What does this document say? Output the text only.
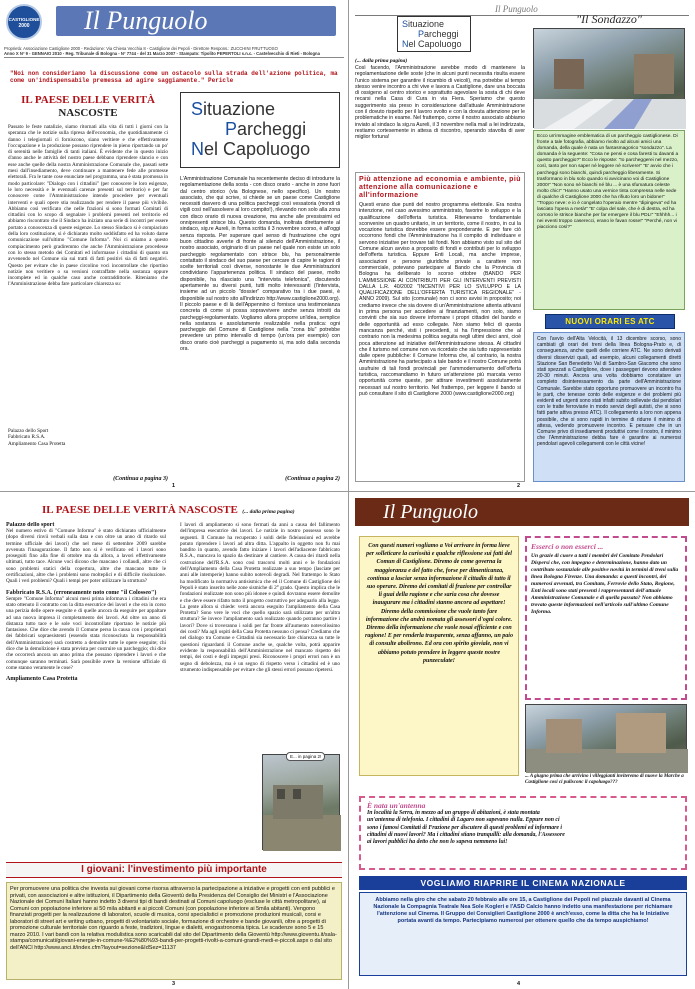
CASTIGLIONE
2000	Il Punguolo
Proprietà: Associazione Castiglione 2000 - Redazione: Via Chiesa Vecchia 8 - Castiglione dei Pepoli - Direttore Respons.: ZUCCHINI FRUTTUOSO
Anno X N° 9 - GENNAIO 2010 - Reg. Tribunale di Bologna - N° 7744 - del 31 Marzo 2007 - Stampato: Tipolito PEPERTOLI s.n.c. - Castelvecchio di Rieti - Bologna
"Noi non consideriamo la discussione come un ostacolo sulla strada dell'azione politica, ma come un'indispensabile premessa ad agire saggiamente." Pericle
IL PAESE DELLE VERITÀ
NASCOSTE
Passato le feste natalizie, siamo ritornati alla vita di tutti i giorni con la speranza che le notizie sulla ripresa dell'economia, che quotidianamente ci danno i telegiornali ci forniscono, siano veritiere e che effettivamente l'occupazione e la produzione possano riprendere in pieno riportando un po' di serenità nelle famiglie di tanti italiani. È evidente che in questo inizio d'anno anche le attività del nostro paese debbano riprendere slancio e con esse anche quelle della nostra Amministrazione Comunale che, passati sette mesi dall'insediamento, deve continuare a mantenere fede alle promesse elettorali. Fra le tante cose enunciate nel programma, una è stata promossa in modo particolare: "Dialogo con i cittadini" (per conoscere le loro esigenze, le loro necessità e le eventuali carenze presenti sul territorio) e per far conoscere come l'Amministrazione intende procedere per eventuali interventi e quali opere stia realizzando per rendere il paese più vivibile. Abbiamo così verificato che nelle frazioni si sono formati Comitati di cittadini con lo scopo di segnalare i problemi presenti nel territorio ed abbiamo riscontrato che il Sindaco ha iniziato una serie di incontri per essere portato a conoscenza di queste esigenze. Lo stesso Sindaco si è compiaciuto della loro costituzione, si è dichiarato molto soddisfatto ed ha voluto darne comunicazione sull'ultimo "Comune Informa". Noi ci uniamo a questo compiacimento però gradiremmo che anche l'Amministrazione procedesse con lo stesso metodo dei Comitati ed informasse i cittadini di quanto sta avvenendo nel Comune sia sui tratti di fatti positivi sia di fatti negativi. Questo per evitare che in paese circolino voci incontrollate che riportino notizie non veritiere o su versioni contraffatte nella sostanza oppure incomplete ed in qualche caso anche contraddittorie. Riteniamo che l'Amministrazione debba fare particolare chiarezza su:
Palazzo dello Sport
Fabbricato R.S.A.
Ampliamento Casa Protetta
(Continua a pagina 3)
Situazione
Parcheggi
Nel Capoluogo
L'Amministrazione Comunale ha recentemente deciso di introdurre la regolamentazione della sosta - con disco orario - anche in zone fuori dal centro storico (via Bolognese, nello specifico). Un nostro associato, che qui scrive, si chiede se un paese come Castiglione necessiti davvero di una politica parcheggi così vessatoria (mondi di vigili così nell'assolvere al loro compito!), rilevando non solo alla zona con disco orario di nuova creazione, ma anche alle pressissimi ed onnipresenti strisce blu. Questo domanda, inoltrata direttamente al sindaco, sig.re Aureli, in forma scritta il 3 novembre scorso, è all'oggi senza risposta. Per superare quel senso di frustrazione che ogni buon cittadino avverte di fronte al silenzio dell'Amministrazione, il nostro associato, originario di un paese nel quale non esiste un solo parcheggio regolamentato con strisce blu, ha personalmente contattato il sindaco del suo paese per cercare di capire le ragioni di scelte territoriali così diverse, nonostante le due Amministrazioni condividano l'appartenenza politica. Il sindaco del paese, molto disponibile, ha rilasciato una "intervista telefonica", discutendo apertamente su diversi punti, tutti molto interessanti (l'intervista, insieme ad un piccolo "dossier" comparativo tra i due paesi, è disponibile sul nostro sito all'indirizzo http://www.castiglione2000.org). Il piccolo paese e di là dell'Appennino ci fornisce una testimonianza concreta di come si possa sopravvivere anche senza introiti da parcheggi-regolamentato. Vogliamo allora proporre un'idea, semplice nella sostanza e assolutamente realizzabile nella pratica: ogni parcheggio del Comune di Castiglione nella "zona blu" potrebbe prevedere un primo intervallo di tempo (un'ora per esempio) con disco orario cioè parcheggi a pagamento si, ma solo dalla seconda ora.
(Continua a pagina 2)
1
Il Punguolo
Situazione
Parcheggi
Nel Capoluogo
(... dalla prima pagina)
Così facendo, l'Amministrazione avrebbe modo di mantenere la regolamentazione delle soste (che in alcuni punti necessita risulta essere l'unico sistema per garantire il ricambio di veicoli), ma potrebbe al tempo stesso venire incontro a chi vive e lavora a Castiglione, dare una boccata di ossigeno al centro storico e soprattutto agevolare la sosta di chi deve recarsi nella Casa di Cura in via Fiera. Speriamo che questo suggerimento sia preso in considerazione dall'attuale Amministrazione con il dovuto rispetto per il lavoro svolto e con la dovuta attenzione per le problematiche in esame. Nel frattempo, come il nostro associato abbiamo inviato al sindaco la sig.ra Aureli, il 3 novembre nella mail a lei indirizzata, restiamo cortesemente in attesa di riscontro, sperando stavolta di aver miglior fortuna!
Più attenzione ad economia e ambiente, più attenzione alla comunicazione e all'informazione
Questi erano due punti del nostro programma elettorale. Era nostra intenzione, nel caso avessimo amministrato, favorire lo sviluppo e la qualificazione dell'offerta turistica. Ritenevamo fondamentale sconvenire un quadro unitario, in un territorio, come il nostro, in cui la vocazione turistica dovrebbe essere preponderante. E per fare ciò occorrono fondi che l'Amministrazione ha il compito di individuare e servono iniziative per trovare tali fondi. Non abbiamo visto sul sito del Comune alcun avviso a proposito di fondi e contributi per lo sviluppo dell'offerta turistica. Eppure Enti Locali, ma anche imprese, associazioni e persone giuridiche private a carattere non commerciale, potevano partecipare al Bando che la Provincia di Bologna ha deliberato lo scorso ottobre (BANDO PER L'AMMISSIONE AI CONTRIBUTI PER GLI INTERVENTI PREVISTI DALLA L.R. 40/2002 "INCENTIVI PER LO SVILUPPO E LA QUALIFICAZIONE DELL'OFFERTA TURISTICA REGIONALE" - ANNO 2009). Sul sito (comunale) non ci sono avvisi in proposito; noi crediamo invece che sia dovere di un'Amministrazione attenta attivarsi in prima persona per accedere ai finanziamenti, non solo, siamo convinti che sia suo dovere informare i propri cittadini del bando e delle opportunità ad esso collegate. Non siamo felici di questa mancanza perché, visti i precedenti, si ha l'impressione che al contrario non la medesima politica seguita negli ultimi dieci anni, cioè poca attenzione ad iniziative dell'Amministrazione stessa. Ai cittadini che il turismo nel comune non va ricordato che sia tutto rappresentato dalle opere pubbliche: il Comune Informa che, al contrario, la nostra Amministrazione ha partecipato a tale bando e il nostro Comune potrà usufruire di tali fondi provinciali per l'ammodernamento dell'offerta turistica, raccomandiamo in futuro un'attenzione più marcata verso opportunità come queste, per attirare investimenti assolutamente necessari sul nostro territorio. Nel frattempo, per leggere il bando si può consultare il sito di Castiglione 2000 (www.castiglione2000.org)
"Il Sondazzo"
Ecco un'immagine emblematica di un parcheggio castiglionese. Di fronte a tale fotografia, abbiamo rivolto ad alcuni amici una domanda, della quale è nata un fantasmagorico "sondazzo". La domanda è la seguente: "Cosa ne pensi e cosa faresti tu davanti a questo parcheggio?" Ecco le risposte: "Io parcheggerei nel mezzo, così, tanto per non saper né leggere né scrivere!" "E' avvio che i parcheggi sono bianchi, quindi parcheggio liberamente. Si trasformano in blu solo quando si avvicinano voi di Castiglione 2000!" "Non sono né bianchi né blu ... è una sfumatura celeste molto chic!" "Hanno usato una vernice tinta compressa nelle sede di qualche di Castiglione 2000 che ha rifiuto loro un bidone!" "Troppo neve: e io è congelato l'operaio mentre "dipingeva" ed ha lasciato l'opera a metà!" "E' colpa del sale, che è di destra, ed ha corroso le strisce bianche per far emergere il blu PDL!" "Ehhhh... i nei eventi troppo caserecci, erano le favan rosse!" "Perché, non vi piacciono così?"
NUOVI ORARI ES ATC
Con l'avvio dell'Alta Velocità, il 13 dicembre scorso, sono cambiati gli orari dei treni della linea Bologna-Prato e, di conseguenza, anche quelli delle corriere ATC. Ne sono derivati diversi disservizi quali, ad esempio, alcuni collegamenti diretti Stazione San Benedetto Val di Sambro-San Giacomo che sono stati spezzati a Castiglione, dove i passeggeri devono attendere 20-30 minuti. Ancora una volta dobbiamo constatare un completo disinteressamento da parte dell'Amministrazione Comunale. Sarebbe stato opportuno promuovere un incontro fra le parti, che tenesse conto delle esigenze e dei problemi più evidenti ed urgenti sono stati infatti subito sollevate dai pendolari con le tratte ferroviarie in modo servizi degli autisti, che si sono fatti parte attiva presso ATC). Il collegamento a loro non appena possibile, che si sono rapidi in termine di ridurre il minimo di attesa, vedendo promuovere incontro. E pensare che in un Comune privo di insediamenti produttivi come il nostro, il minimo che l'Amministrazione debba fare è garantire ai numerosi pendolari agevoli collegamenti con le città vicine!
2
IL PAESE DELLE VERITÀ NASCOSTE (... dalla prima pagina)
Palazzo dello sport
Nel numero estivo di "Comune Informa" è stato dichiarato ufficialmente (dopo diversi rinvii verbali sulla data e con oltre un anno di ritardo sul termine ufficiale dei lavori) che nel mese di settembre 2009 sarebbe avvenuta l'inaugurazione. Il fatto non si è verificato ed i lavori sono proseguiti fino alla fine di ottobre ma da allora, a lavori effettivamente ultimati, tutto tace. Alcune voci dicono che mancano i collaudi, altre che ci sono problemi statici della copertura, altre che mancano tutte le certificazioni, altre che i problemi sono molteplici e di difficile risoluzione. Quali i veri problemi? Quali i tempi per poter utilizzare la struttura?
Fabbricato R.S.A. (erroneamente noto come "il Colosseo")
Sempre "Comune Informa" alcuni mesi prima informava i cittadini che era stato ottenuto il contratto con la ditta esecutrice dei lavori e che era in corso una perizia delle opere eseguite e di quelle ancora da eseguire per appaltare ad una nuova impresa il completamento dei lavori. Ad oltre un anno di distanza tutto tace e le sole voci incontrollate riportano le notizie più fantasiose. Che dice che avendo il Comune perso la causa con i proprietari dei fabbricati sopraesistenti (essendo stata riconosciuta la responsabilità dell'Amministrazione) sarà costretto a demolire tutte le opere eseguite; chi dice che la demolizione è stata prevista per costruire un parcheggio; chi dice che occorrerà ancora un anno prima che possano riprendere i lavori e che comunque saranno terminati. Sarà possibile avere la versione ufficiale di come stanno veramente le cose?
Ampliamento Casa Protetta
I lavori di ampliamento si sono fermati da anni a causa del fallimento dell'impresa esecutrice dei lavori. Le notizie in nostro possesso sono le seguenti. Il Comune ha recuperato i soldi delle fideiussioni ed avrebbe potuto riprendere i lavori ad altra ditta. L'appalto in oggetto non fu mai bandito in quanto, avendo fatto iniziare i lavori dell'adiacente fabbricato R.S.A., mancava lo spazio da destinare al cantiere. A causa dei ritardi nella costruzione dell'R.S.A. sono così trascorsi molti anni e le fondazioni dell'Ampliamento della Casa Protetta realizzate a suo tempo (lasciate per anni alle intemperie) hanno subito notevoli degradi. Nel frattempo lo Stato ha modificato la normativa antisismica che ed il Comune di Castiglione dei Pepoli è stato inserito nelle zone sismiche di 2° grado. Questo implica che le fondazioni realizzate non sono più idonee e quindi dovranno essere demolite e che deve essere rifatto tutto il progetto costruttivo per adeguarlo alla legge. La gente allora si chiede: verrà ancora eseguito l'ampliamento della Casa Protetta? Sono vere le voci che quello spazio sarà utilizzato per un'altra struttura? Se invece l'ampliamento sarà realizzato quando potranno partire i lavori? Dove si troveranno i soldi per far fronte all'aumento notevolissimo dei costi? Ma agli ospiti della Casa Protetta nessuno ci pensa? Crediamo che nel dialogo tra Comune e Cittadini sia necessario fare chiarezza su tutte le questioni riguardanti il Comune anche se, qualche volta, potrà apparire evidente la responsabilità dell'Amministrazione nel mancato rispetto dei tempi, dei costi e degli impegni presi. Riconoscere i propri errori non è un segno di debolezza, ma è un segno di rispetto verso i cittadini ed è uno strumento indispensabile per evitare che gli stessi errori possano ripetersi.
E... in pagina 2!
I giovani: l'investimento più importante
Per promuovere una politica che investa sui giovani come risorsa attraverso la partecipazione a iniziative e progetti con enti pubblici e privati, con associazioni e altre istituzioni, il Dipartimento della Gioventù della Presidenza del Consiglio dei Ministri e l'Associazione Nazionale dei Comuni Italiani hanno indetto 3 diversi tipi di bandi destinati al Comuni capoluogo (escluse le città metropolitane), ai Comuni con popolazione inferiore ai 50 mila abitanti e ai piccoli Comuni (con popolazione inferiore ai 5mila abitanti). Vengono finanziati progetti per la realizzazione di laboratori, scuole di musica, corsi specialistici e promozione produzioni musicali, corsi e laboratori di street art e writing urbano, progetti di volontariato sociale, formazione di orchestre e bande giovanili, oltre a progetti di promozione culturale territoriale con riguardo a feste, tradizioni, lingue e dialetti, enogastronomia tipica. Le scadenze sono 5 e 15 marzo 2010. I vari bandi con la relativa modulistica sono scaricabili dal sito del Dipartimento della Gioventù http://www.gioventu.it/sala-stampa/comunicati/giovani-energie-in-comune-%E2%80%93-bandi-per-progetti-rivolti-a-comuni-grandi-medi-e-piccoli.aspx o dal sito dell'ANCI http://www.anci.it/index.cfm?layout=sezione&IdSez=11137
3
Il Punguolo
Con questi numeri vogliamo a Voi arrivare in forma lieve per solleticare la curiosità e qualche riflessione sui fatti del Comun di Castiglione. Diremo de come governa la maggioranza e del fatto che, forse per dimenticanza, continua a lasciar senza informazione il cittadin di tutto il suo operare. Diremo dei comitati di frazione per controllar li guai della ragione e che saria cosa che dovesse inaugurare ma i cittadini stanno ancora ad aspettare! Diremo della commissione che vuole tanto fare informazione che andrà nomata gli assessori d'ogni colore. Diremo della informazione che vuole nosai efficiente e con ragione! E per renderla trasparente, senza affanno, un paio di consulte abolirono. Ed ora con spirito gioviale, non vi abbiamo potuto prendere in leggere queste nostre punzeculate!
Esserci o non esserci ...
Un grazie di cuore a tutti i membri del Comitato Pendolari Dispersi che, con impegno e determinazione, hanno dato un contributo sostanziale alle positive novità in termini di treni sulla linea Bologna Firenze. Una domanda: a questi incontri, dei numerosi avvenuti, tra Comitato, Ferrovie dello Stato, Regione, Enti locali sono stati presenti i rappresentanti dell'attuale Amministrazione Comunale e di quella passata? Non abbiamo trovato queste informazioni nell'articolo sull'ultimo Comune Informa.
... A giugno prima che arrivino i villeggianti inviteremo di nuove la Marche a Castiglione cosi ci pulisconc il capoluogo???
È nata un'antenna
In località la Serra, in mezzo ad un gruppo di abitazioni, è stata montata un'antenna di telefonia. I cittadini di Lagaro non sapevano nulla. Eppure non ci sono i famosi Comitati di Frazione per discutere di questi problemi ed informare i cittadini di nuovi lavori? Ma i cittadini stiano tranquilli: alla domanda, l'Assessore ai lavori pubblici ha detto che non lo sapeva nemmeno lui!
VOGLIAMO RIAPRIRE IL CINEMA NAZIONALE
Abbiamo nella giro che che sabato 20 febbraio alle ore 15, a Castiglione dei Pepoli nel piazzale davanti al Cinema Nazionale la Compagnia Teatrale Nea Sole Kogleri e l'ASD Calcio hanno indetto una manifestazione per richiamare l'attenzione sul Cinema. Il Gruppo dei Consiglieri Castiglione 2000 è anch'esso, come la ditta che ha le Iniziative portata avanti da tempo. Partecipiamo numerosi per ottenere quello che da tempo auspichiamo!
4
